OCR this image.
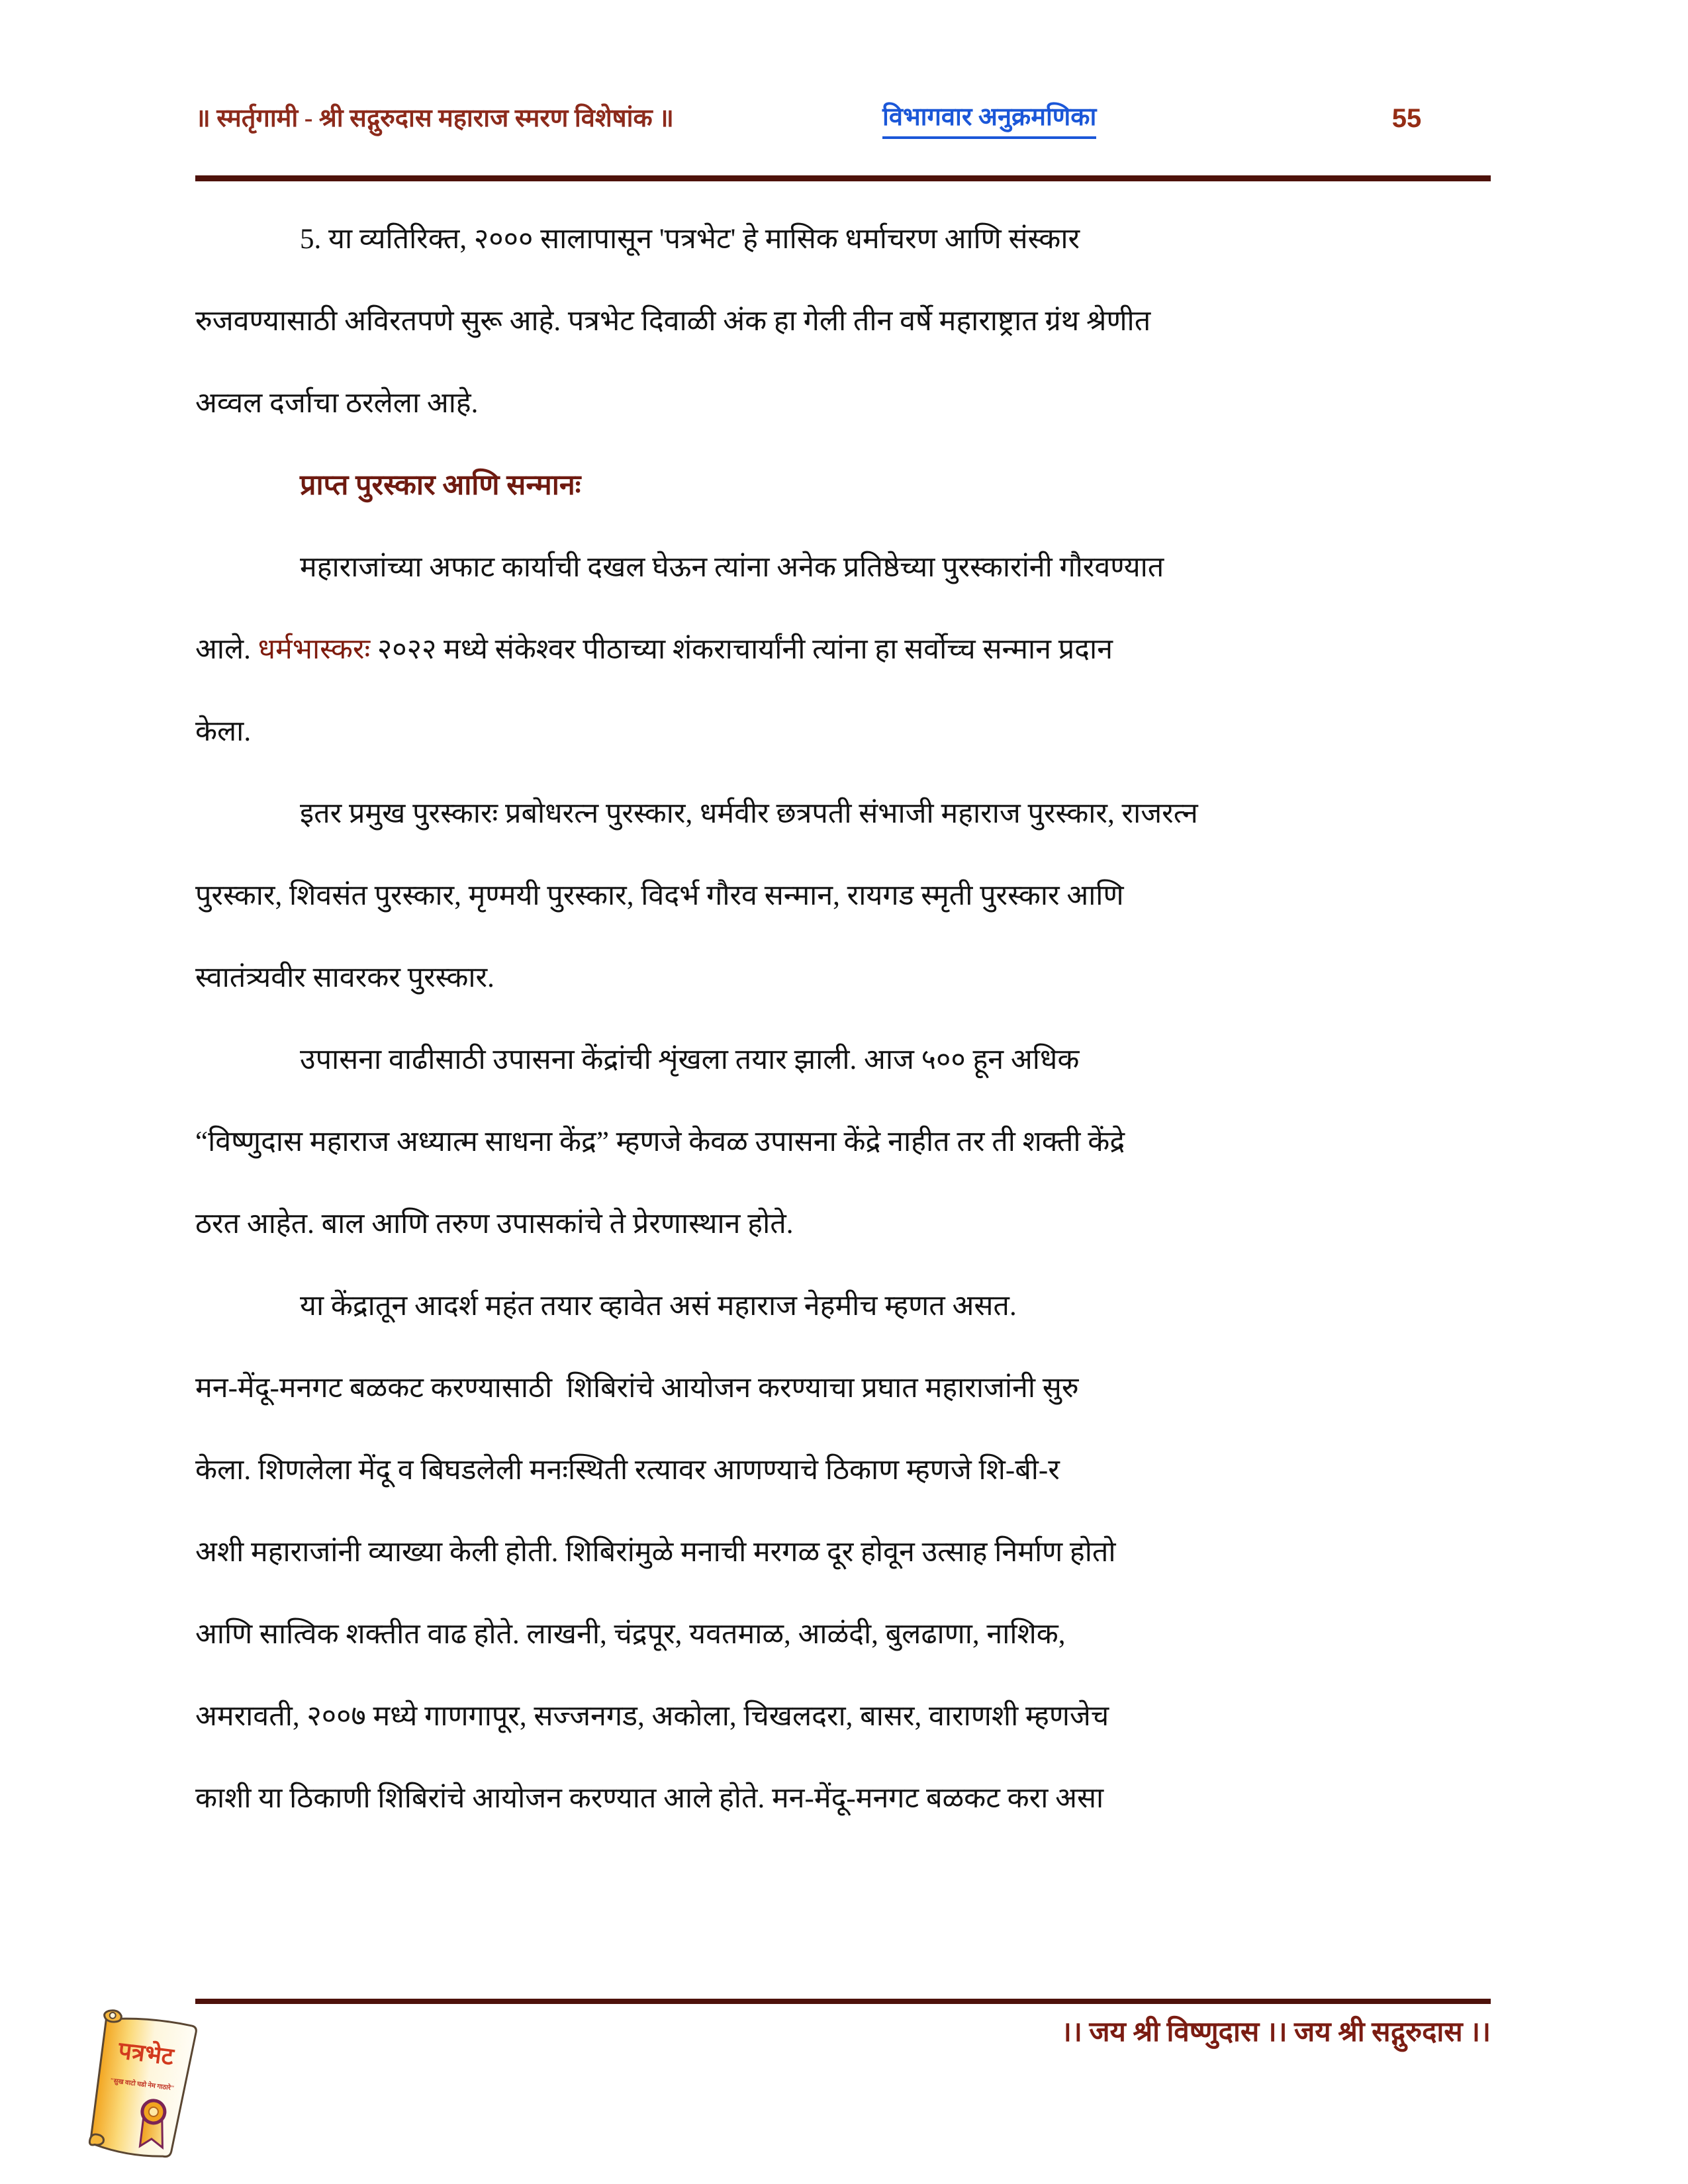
॥ स्मर्तृगामी - श्री सद्गुरुदास महाराज स्मरण विशेषांक ॥	विभागवार अनुक्रमणिका	55
5. या व्यतिरिक्त, २००० सालापासून 'पत्रभेट' हे मासिक धर्माचरण आणि संस्कार
रुजवण्यासाठी अविरतपणे सुरू आहे. पत्रभेट दिवाळी अंक हा गेली तीन वर्षे महाराष्ट्रात ग्रंथ श्रेणीत
अव्वल दर्जाचा ठरलेला आहे.
प्राप्त पुरस्कार आणि सन्मानः
महाराजांच्या अफाट कार्याची दखल घेऊन त्यांना अनेक प्रतिष्ठेच्या पुरस्कारांनी गौरवण्यात
आले. धर्मभास्करः २०२२ मध्ये संकेश्वर पीठाच्या शंकराचार्यांनी त्यांना हा सर्वोच्च सन्मान प्रदान
केला.
इतर प्रमुख पुरस्कारः प्रबोधरत्न पुरस्कार, धर्मवीर छत्रपती संभाजी महाराज पुरस्कार, राजरत्न
पुरस्कार, शिवसंत पुरस्कार, मृण्मयी पुरस्कार, विदर्भ गौरव सन्मान, रायगड स्मृती पुरस्कार आणि
स्वातंत्र्यवीर सावरकर पुरस्कार.
उपासना वाढीसाठी उपासना केंद्रांची शृंखला तयार झाली. आज ५०० हून अधिक
“विष्णुदास महाराज अध्यात्म साधना केंद्र” म्हणजे केवळ उपासना केंद्रे नाहीत तर ती शक्ती केंद्रे
ठरत आहेत. बाल आणि तरुण उपासकांचे ते प्रेरणास्थान होते.
या केंद्रातून आदर्श महंत तयार व्हावेत असं महाराज नेहमीच म्हणत असत.
मन-मेंदू-मनगट बळकट करण्यासाठी  शिबिरांचे आयोजन करण्याचा प्रघात महाराजांनी सुरु
केला. शिणलेला मेंदू व बिघडलेली मनःस्थिती रत्यावर आणण्याचे ठिकाण म्हणजे शि-बी-र
अशी महाराजांनी व्याख्या केली होती. शिबिरांमुळे मनाची मरगळ दूर होवून उत्साह निर्माण होतो
आणि सात्विक शक्तीत वाढ होते. लाखनी, चंद्रपूर, यवतमाळ, आळंदी, बुलढाणा, नाशिक,
अमरावती, २००७ मध्ये गाणगापूर, सज्जनगड, अकोला, चिखलदरा, बासर, वाराणशी म्हणजेच
काशी या ठिकाणी शिबिरांचे आयोजन करण्यात आले होते. मन-मेंदू-मनगट बळकट करा असा
।। जय श्री विष्णुदास ।। जय श्री सद्गुरुदास ।।
पत्रभेट
"सुख वाटो घडो नेम गाठारे"
